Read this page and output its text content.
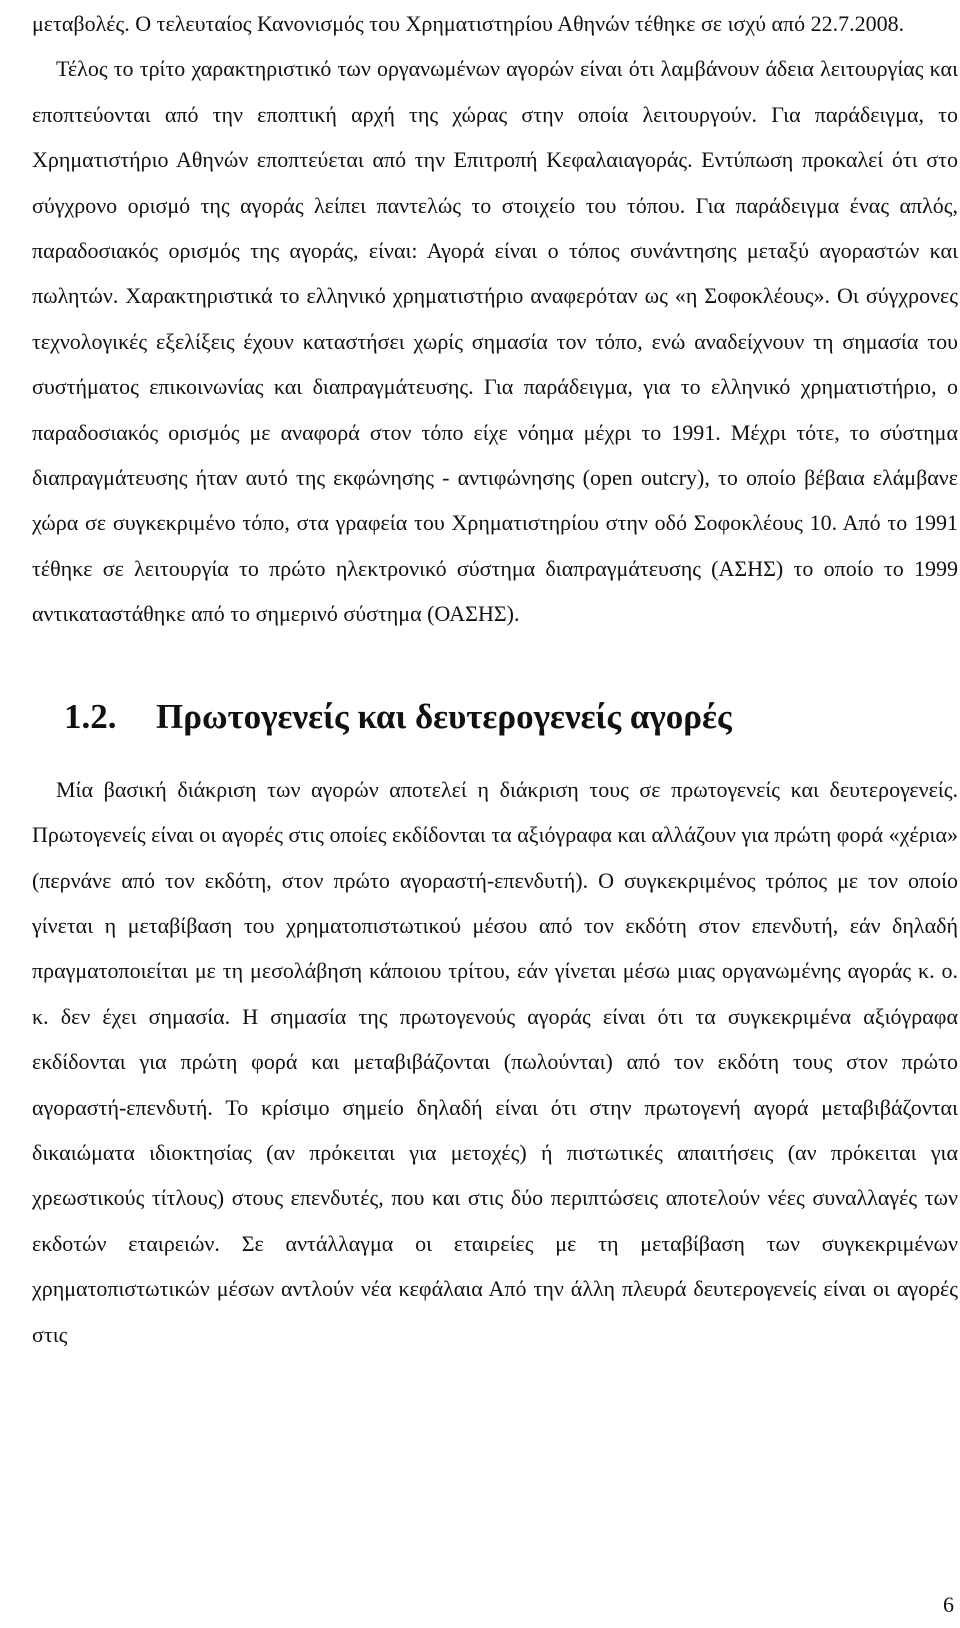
μεταβολές. Ο τελευταίος Κανονισμός του Χρηματιστηρίου Αθηνών τέθηκε σε ισχύ από 22.7.2008.

Τέλος το τρίτο χαρακτηριστικό των οργανωμένων αγορών είναι ότι λαμβάνουν άδεια λειτουργίας και εποπτεύονται από την εποπτική αρχή της χώρας στην οποία λειτουργούν. Για παράδειγμα, το Χρηματιστήριο Αθηνών εποπτεύεται από την Επιτροπή Κεφαλαιαγοράς. Εντύπωση προκαλεί ότι στο σύγχρονο ορισμό της αγοράς λείπει παντελώς το στοιχείο του τόπου. Για παράδειγμα ένας απλός, παραδοσιακός ορισμός της αγοράς, είναι: Αγορά είναι ο τόπος συνάντησης μεταξύ αγοραστών και πωλητών. Χαρακτηριστικά το ελληνικό χρηματιστήριο αναφερόταν ως «η Σοφοκλέους». Οι σύγχρονες τεχνολογικές εξελίξεις έχουν καταστήσει χωρίς σημασία τον τόπο, ενώ αναδείχνουν τη σημασία του συστήματος επικοινωνίας και διαπραγμάτευσης. Για παράδειγμα, για το ελληνικό χρηματιστήριο, ο παραδοσιακός ορισμός με αναφορά στον τόπο είχε νόημα μέχρι το 1991. Μέχρι τότε, το σύστημα διαπραγμάτευσης ήταν αυτό της εκφώνησης - αντιφώνησης (open outcry), το οποίο βέβαια ελάμβανε χώρα σε συγκεκριμένο τόπο, στα γραφεία του Χρηματιστηρίου στην οδό Σοφοκλέους 10. Από το 1991 τέθηκε σε λειτουργία το πρώτο ηλεκτρονικό σύστημα διαπραγμάτευσης (ΑΣΗΣ) το οποίο το 1999 αντικαταστάθηκε από το σημερινό σύστημα (ΟΑΣΗΣ).

1.2. Πρωτογενείς και δευτερογενείς αγορές

Μία βασική διάκριση των αγορών αποτελεί η διάκριση τους σε πρωτογενείς και δευτερογενείς. Πρωτογενείς είναι οι αγορές στις οποίες εκδίδονται τα αξιόγραφα και αλλάζουν για πρώτη φορά «χέρια» (περνάνε από τον εκδότη, στον πρώτο αγοραστή-επενδυτή). Ο συγκεκριμένος τρόπος με τον οποίο γίνεται η μεταβίβαση του χρηματοπιστωτικού μέσου από τον εκδότη στον επενδυτή, εάν δηλαδή πραγματοποιείται με τη μεσολάβηση κάποιου τρίτου, εάν γίνεται μέσω μιας οργανωμένης αγοράς κ. ο. κ. δεν έχει σημασία. Η σημασία της πρωτογενούς αγοράς είναι ότι τα συγκεκριμένα αξιόγραφα εκδίδονται για πρώτη φορά και μεταβιβάζονται (πωλούνται) από τον εκδότη τους στον πρώτο αγοραστή-επενδυτή. Το κρίσιμο σημείο δηλαδή είναι ότι στην πρωτογενή αγορά μεταβιβάζονται δικαιώματα ιδιοκτησίας (αν πρόκειται για μετοχές) ή πιστωτικές απαιτήσεις (αν πρόκειται για χρεωστικούς τίτλους) στους επενδυτές, που και στις δύο περιπτώσεις αποτελούν νέες συναλλαγές των εκδοτών εταιρειών. Σε αντάλλαγμα οι εταιρείες με τη μεταβίβαση των συγκεκριμένων χρηματοπιστωτικών μέσων αντλούν νέα κεφάλαια Από την άλλη πλευρά δευτερογενείς είναι οι αγορές στις

6
